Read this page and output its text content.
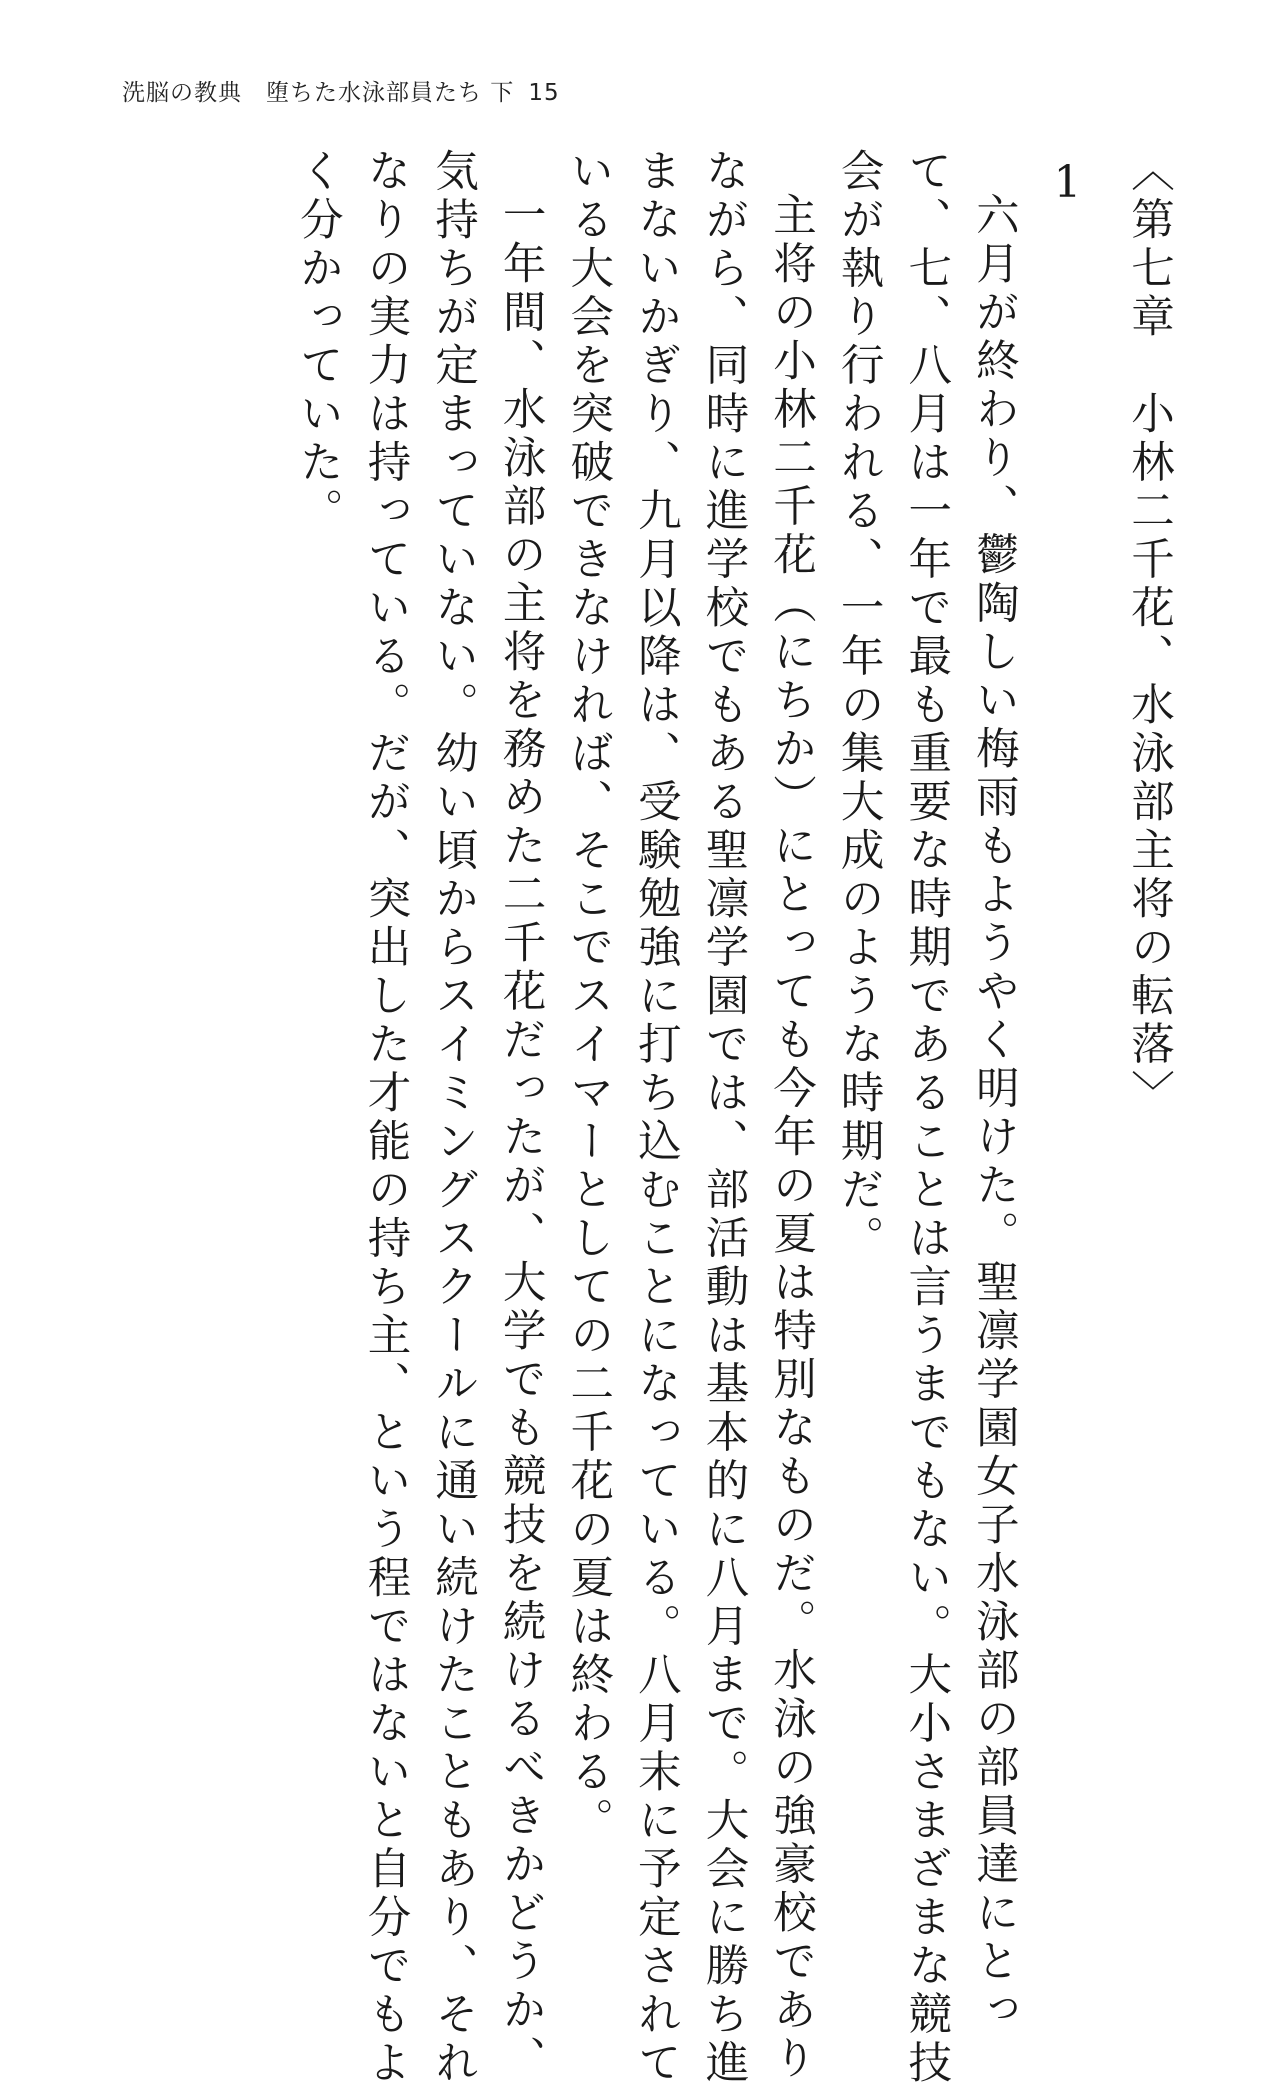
洗脳の教典　堕ちた水泳部員たち 下 15
〈第七章　小林二千花、水泳部主将の転落〉
1
六月が終わり、鬱陶しい梅雨もようやく明けた。聖凛学園女子水泳部の部員達にとっ
て、七、八月は一年で最も重要な時期であることは言うまでもない。大小さまざまな競技
会が執り行われる、一年の集大成のような時期だ。
主将の小林二千花（にちか）にとっても今年の夏は特別なものだ。水泳の強豪校であり
ながら、同時に進学校でもある聖凛学園では、部活動は基本的に八月まで。大会に勝ち進
まないかぎり、九月以降は、受験勉強に打ち込むことになっている。八月末に予定されて
いる大会を突破できなければ、そこでスイマーとしての二千花の夏は終わる。
一年間、水泳部の主将を務めた二千花だったが、大学でも競技を続けるべきかどうか、
気持ちが定まっていない。幼い頃からスイミングスクールに通い続けたこともあり、それ
なりの実力は持っている。だが、突出した才能の持ち主、という程ではないと自分でもよ
く分かっていた。
